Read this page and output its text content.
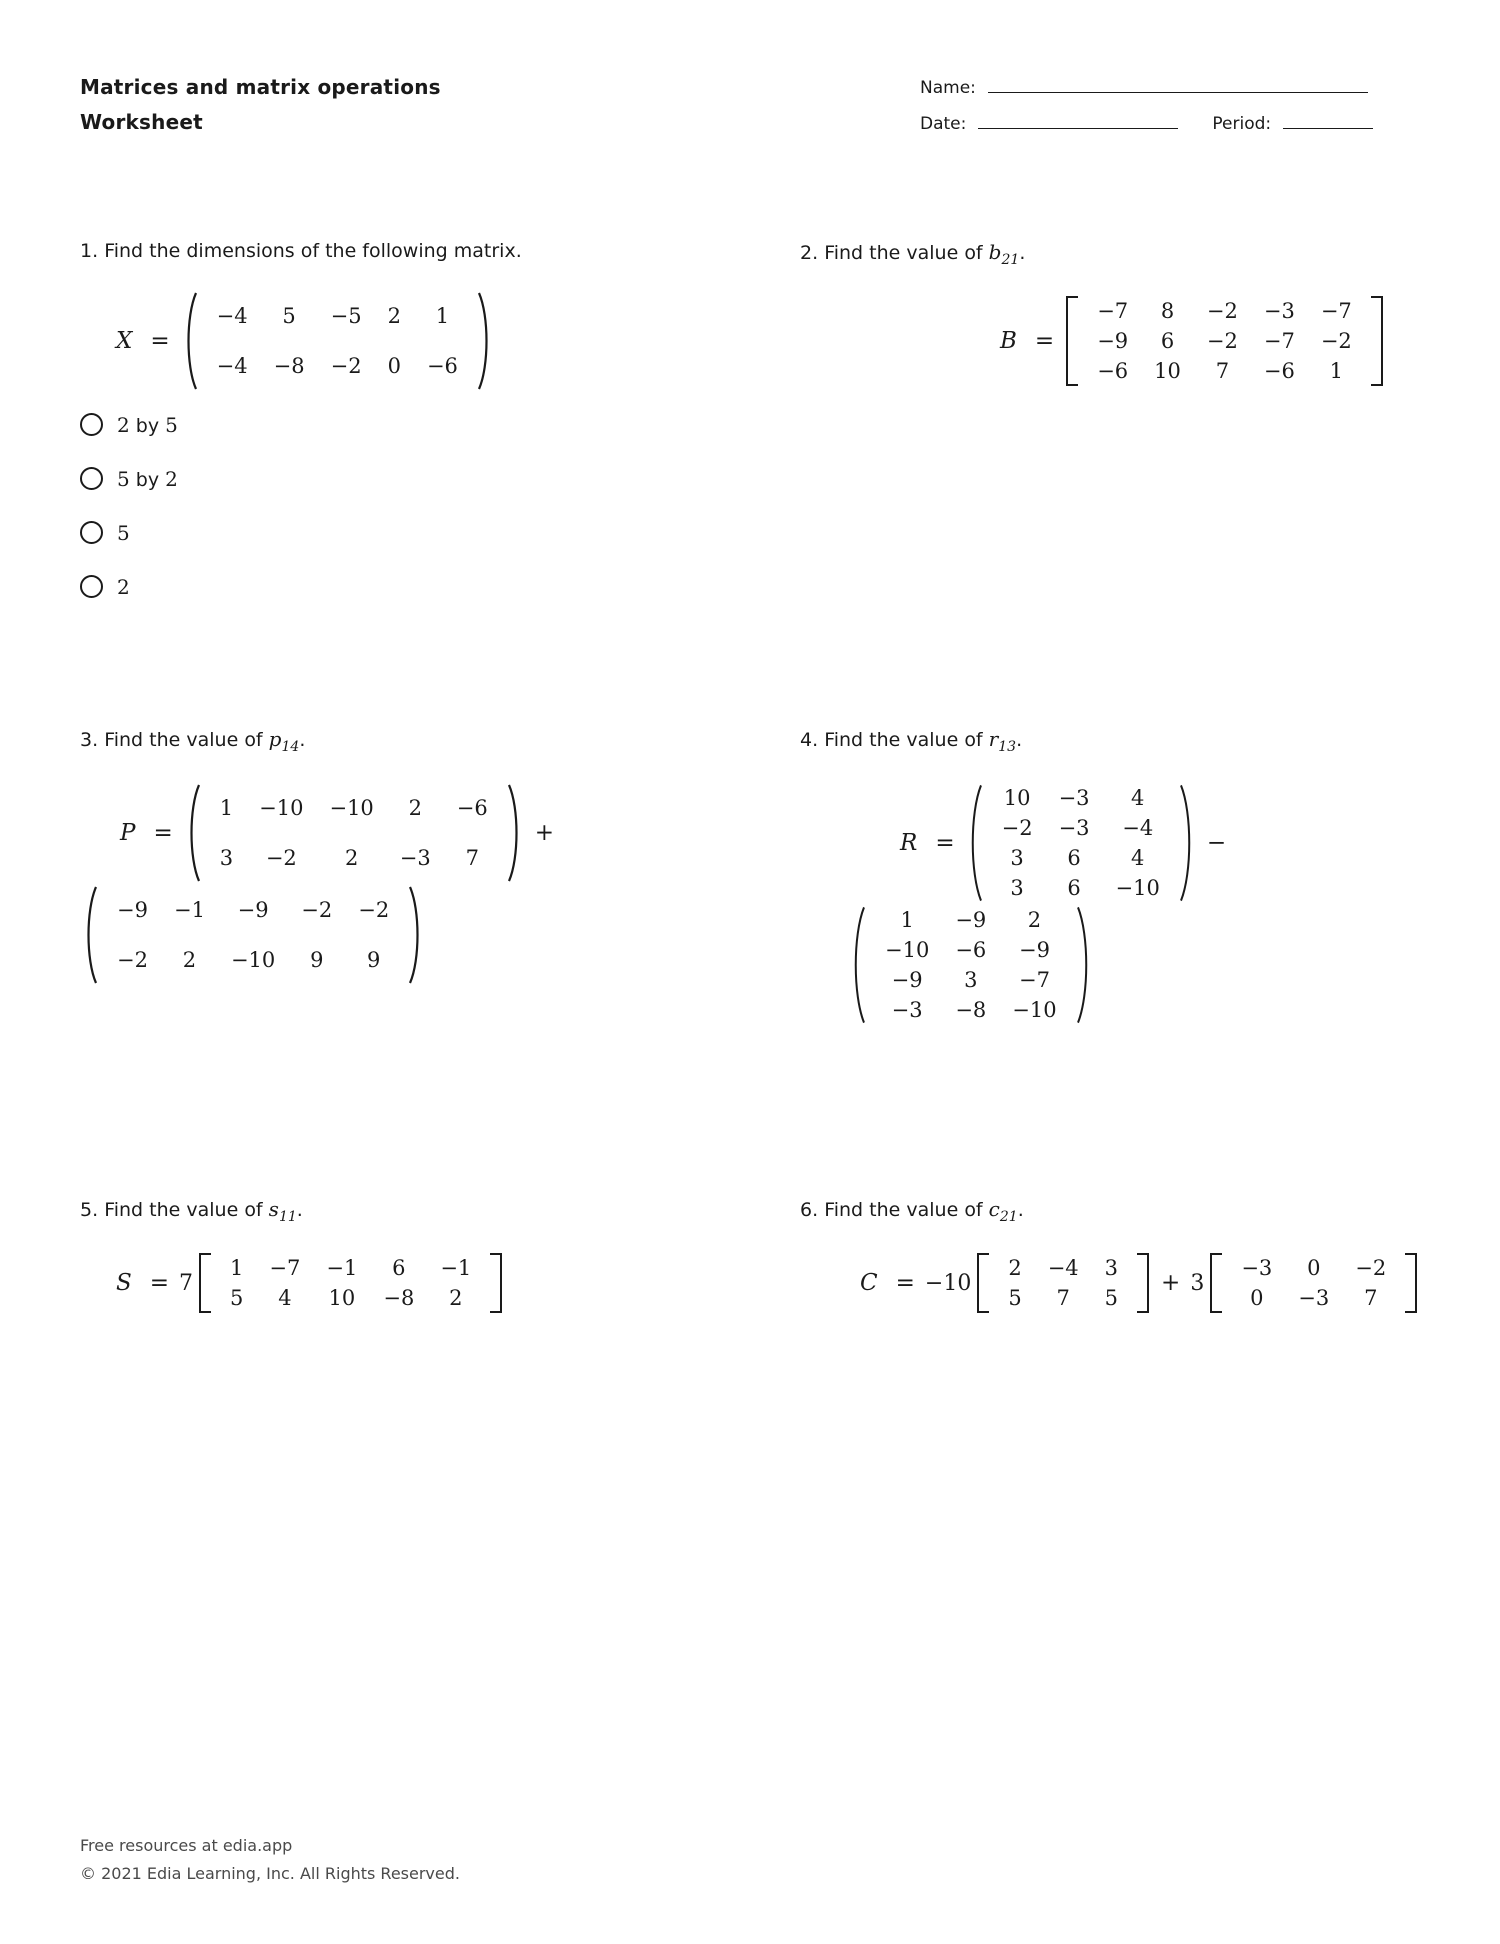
Matrices and matrix operations
Worksheet
Name:
Date:	Period:
1. Find the dimensions of the following matrix.
X =
−4	5	−5	2	1
−4	−8	−2	0	−6
2 by 5
5 by 2
5
2
2. Find the value of $b_{21}$.
B =
−7	8	−2	−3	−7
−9	6	−2	−7	−2
−6	10	7	−6	1
3. Find the value of $p_{14}$.
P =
1	−10	−10	2	−6
3	−2	2	−3	7
+
−9	−1	−9	−2	−2
−2	2	−10	9	9
4. Find the value of $r_{13}$.
R =
10	−3	4
−2	−3	−4
3	6	4
3	6	−10
−
1	−9	2
−10	−6	−9
−9	3	−7
−3	−8	−10
5. Find the value of $s_{11}$.
S = 7
1	−7	−1	6	−1
5	4	10	−8	2
6. Find the value of $c_{21}$.
C = −10
2	−4	3
5	7	5
+ 3
−3	0	−2
0	−3	7
Free resources at edia.app
© 2021 Edia Learning, Inc. All Rights Reserved.
